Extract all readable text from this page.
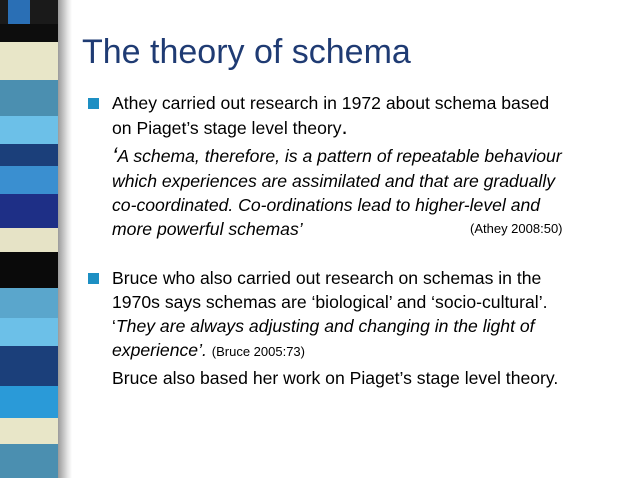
The theory of schema
Athey carried out research in 1972 about schema based
on Piaget’s stage level theory.
‘A schema, therefore, is a pattern of repeatable behaviour
which experiences are assimilated and that are gradually
co-coordinated. Co-ordinations lead to higher-level and
more powerful schemas’	(Athey 2008:50)
Bruce who also carried out research on schemas in the
1970s says schemas are ‘biological’ and ‘socio-cultural’.
‘They are always adjusting and changing in the light of
experience’. (Bruce 2005:73)
Bruce also based her work on Piaget’s stage level theory.
